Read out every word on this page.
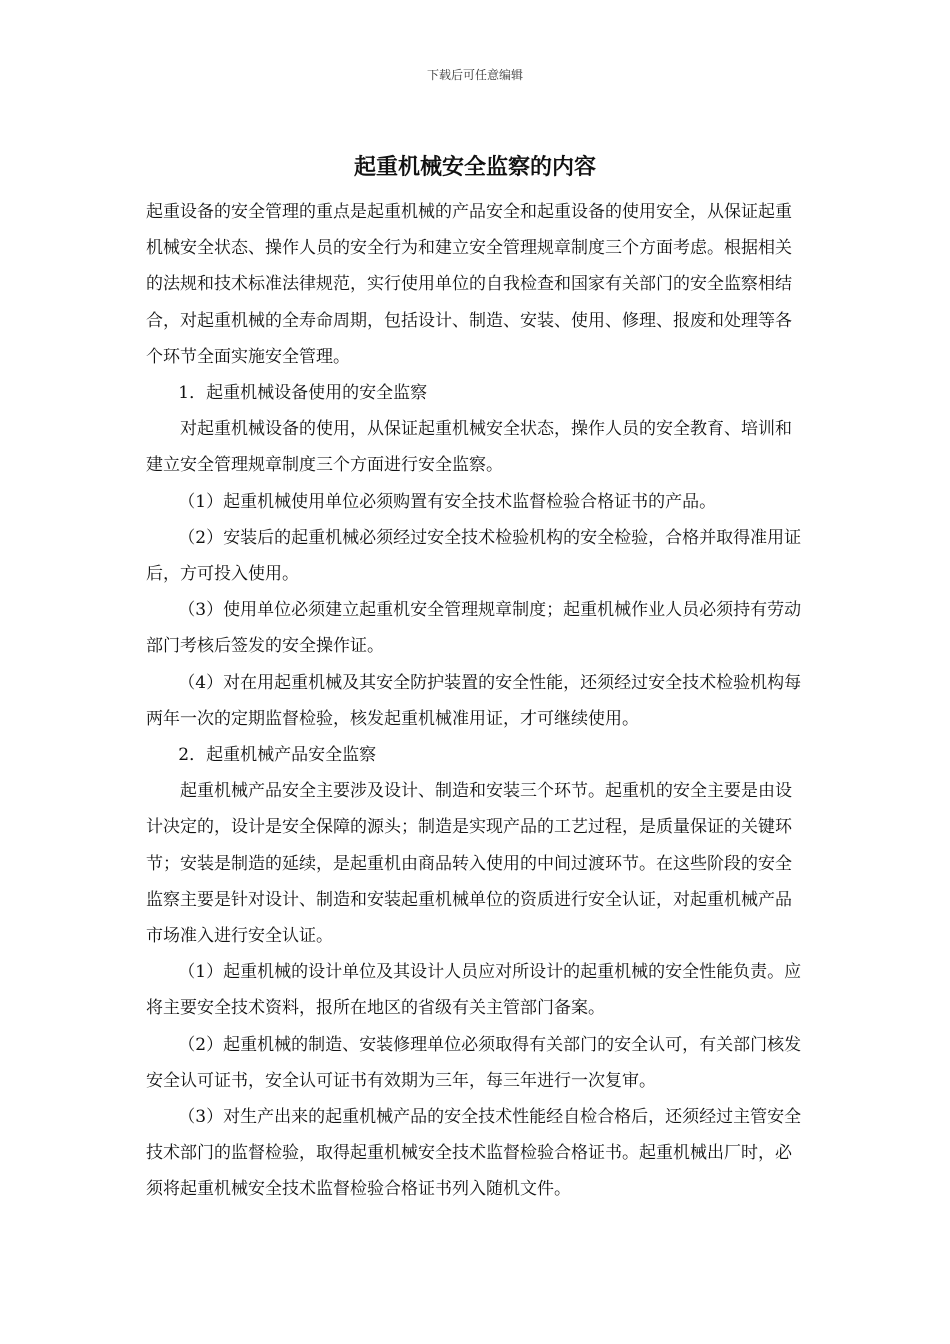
下载后可任意编辑
起重机械安全监察的内容

起重设备的安全管理的重点是起重机械的产品安全和起重设备的使用安全，从保证起重机械安全状态、操作人员的安全行为和建立安全管理规章制度三个方面考虑。根据相关的法规和技术标准法律规范，实行使用单位的自我检查和国家有关部门的安全监察相结合，对起重机械的全寿命周期，包括设计、制造、安装、使用、修理、报废和处理等各个环节全面实施安全管理。

1．起重机械设备使用的安全监察

对起重机械设备的使用，从保证起重机械安全状态，操作人员的安全教育、培训和建立安全管理规章制度三个方面进行安全监察。

（1）起重机械使用单位必须购置有安全技术监督检验合格证书的产品。

（2）安装后的起重机械必须经过安全技术检验机构的安全检验，合格并取得准用证后，方可投入使用。

（3）使用单位必须建立起重机安全管理规章制度；起重机械作业人员必须持有劳动部门考核后签发的安全操作证。

（4）对在用起重机械及其安全防护装置的安全性能，还须经过安全技术检验机构每两年一次的定期监督检验，核发起重机械准用证，才可继续使用。

2．起重机械产品安全监察

起重机械产品安全主要涉及设计、制造和安装三个环节。起重机的安全主要是由设计决定的，设计是安全保障的源头；制造是实现产品的工艺过程，是质量保证的关键环节；安装是制造的延续，是起重机由商品转入使用的中间过渡环节。在这些阶段的安全监察主要是针对设计、制造和安装起重机械单位的资质进行安全认证，对起重机械产品市场准入进行安全认证。

（1）起重机械的设计单位及其设计人员应对所设计的起重机械的安全性能负责。应将主要安全技术资料，报所在地区的省级有关主管部门备案。

（2）起重机械的制造、安装修理单位必须取得有关部门的安全认可，有关部门核发安全认可证书，安全认可证书有效期为三年，每三年进行一次复审。

（3）对生产出来的起重机械产品的安全技术性能经自检合格后，还须经过主管安全技术部门的监督检验，取得起重机械安全技术监督检验合格证书。起重机械出厂时，必须将起重机械安全技术监督检验合格证书列入随机文件。
